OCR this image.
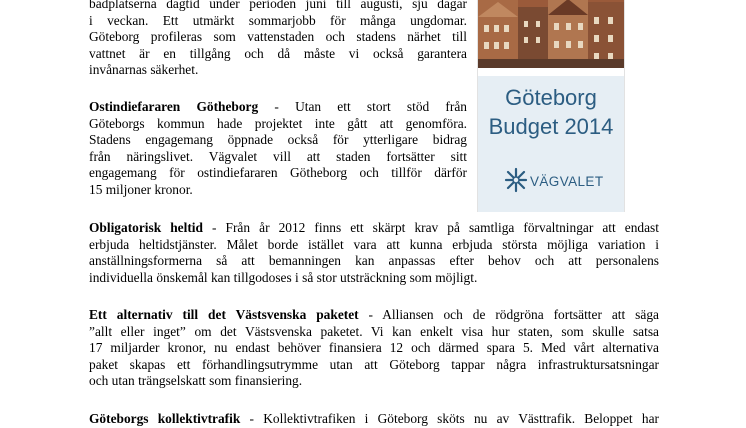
badplatserna dagtid under perioden juni till augusti, sju dagar
i veckan. Ett utmärkt sommarjobb för många ungdomar.
Göteborg profileras som vattenstaden och stadens närhet till
vattnet är en tillgång och då måste vi också garantera
invånarnas säkerhet.
Ostindiefararen Götheborg - Utan ett stort stöd från
Göteborgs kommun hade projektet inte gått att genomföra.
Stadens engagemang öppnade också för ytterligare bidrag
från näringslivet. Vägvalet vill att staden fortsätter sitt
engagemang för ostindiefararen Götheborg och tillför därför
15 miljoner kronor.
Obligatorisk heltid - Från år 2012 finns ett skärpt krav på samtliga förvaltningar att endast
erbjuda heltidstjänster. Målet borde istället vara att kunna erbjuda största möjliga variation i
anställningsformerna så att bemanningen kan anpassas efter behov och att personalens
individuella önskemål kan tillgodoses i så stor utsträckning som möjligt.
Ett alternativ till det Västsvenska paketet - Alliansen och de rödgröna fortsätter att säga
”allt eller inget” om det Västsvenska paketet. Vi kan enkelt visa hur staten, som skulle satsa
17 miljarder kronor, nu endast behöver finansiera 12 och därmed spara 5. Med vårt alternativa
paket skapas ett förhandlingsutrymme utan att Göteborg tappar några infrastruktursatsningar
och utan trängselskatt som finansiering.
Göteborgs kollektivtrafik - Kollektivtrafiken i Göteborg sköts nu av Västtrafik. Beloppet har
Göteborg
Budget 2014
VÄGVALET
